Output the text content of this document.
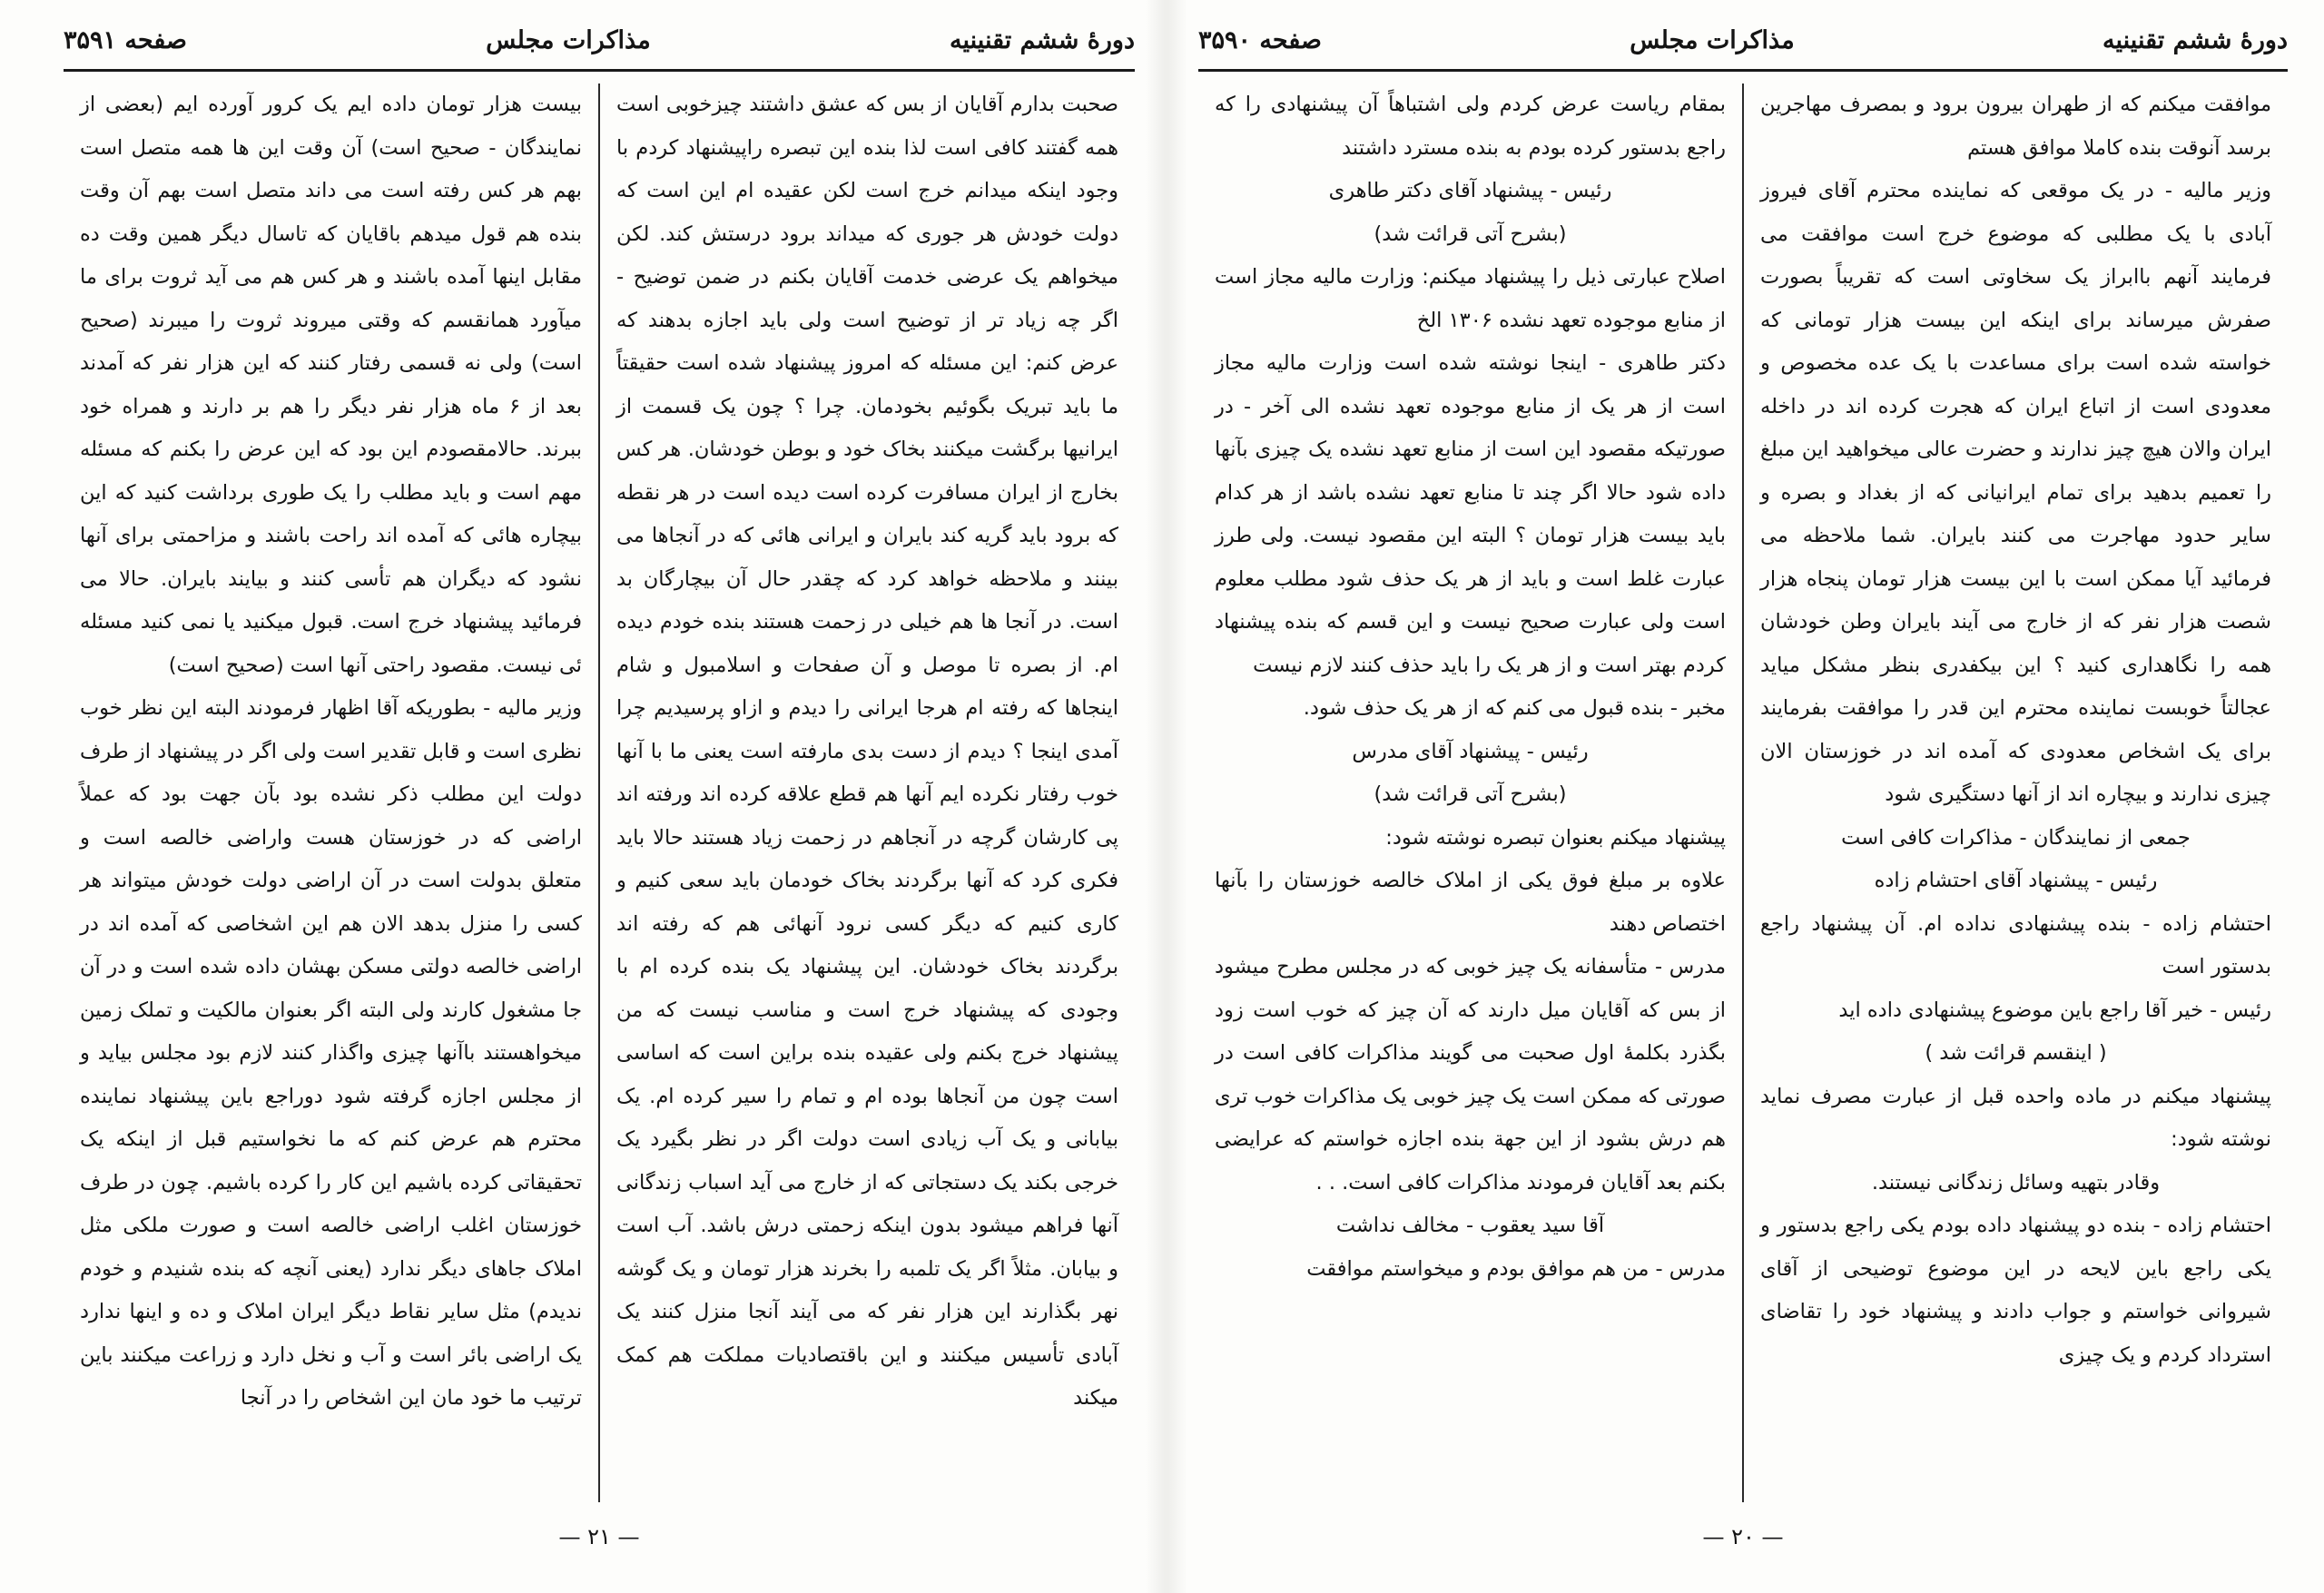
دورهٔ ششم تقنینیه
مذاکرات مجلس
صفحه ۳۵۹۱

صحبت بدارم آقایان از بس که عشق داشتند چیزخوبی است همه گفتند کافی است لذا بنده این تبصره راپیشنهاد کردم با وجود اینکه میدانم خرج است لکن عقیده ام این است که دولت خودش هر جوری که میداند برود درستش کند. لکن میخواهم یک عرضی خدمت آقایان بکنم در ضمن توضیح - اگر چه زیاد تر از توضیح است ولی باید اجازه بدهند که عرض کنم: این مسئله که امروز پیشنهاد شده است حقیقتاً ما باید تبریک بگوئیم بخودمان. چرا ؟ چون یک قسمت از ایرانیها برگشت میکنند بخاک خود و بوطن خودشان. هر کس بخارج از ایران مسافرت کرده است دیده است در هر نقطه که برود باید گریه کند بایران و ایرانی هائی که در آنجاها می بینند و ملاحظه خواهد کرد که چقدر حال آن بیچارگان بد است. در آنجا ها هم خیلی در زحمت هستند بنده خودم دیده ام. از بصره تا موصل و آن صفحات و اسلامبول و شام اینجاها که رفته ام هرجا ایرانی را دیدم و ازاو پرسیدیم چرا آمدی اینجا ؟ دیدم از دست بدی مارفته است یعنی ما با آنها خوب رفتار نکرده ایم آنها هم قطع علاقه کرده اند ورفته اند پی کارشان گرچه در آنجاهم در زحمت زیاد هستند حالا باید فکری کرد که آنها برگردند بخاک خودمان باید سعی کنیم و کاری کنیم که دیگر کسی نرود آنهائی هم که رفته اند برگردند بخاک خودشان. این پیشنهاد یک بنده کرده ام با وجودی که پیشنهاد خرج است و مناسب نیست که من پیشنهاد خرج بکنم ولی عقیده بنده براین است که اساسی است چون من آنجاها بوده ام و تمام را سیر کرده ام. یک بیابانی و یک آب زیادی است دولت اگر در نظر بگیرد یک خرجی بکند یک دستجاتی که از خارج می آید اسباب زندگانی آنها فراهم میشود بدون اینکه زحمتی درش باشد. آب است و بیابان. مثلاً اگر یک تلمبه را بخرند هزار تومان و یک گوشه نهر بگذارند این هزار نفر که می آیند آنجا منزل کنند یک آبادی تأسیس میکنند و این باقتصادیات مملکت هم کمک میکند

بیست هزار تومان داده ایم یک کرور آورده ایم (بعضی از نمایندگان - صحیح است) آن وقت این ها همه متصل است بهم هر کس رفته است می داند متصل است بهم آن وقت بنده هم قول میدهم باقایان که تاسال دیگر همین وقت ده مقابل اینها آمده باشند و هر کس هم می آید ثروت برای ما میآورد همانقسم که وقتی میروند ثروت را میبرند (صحیح است) ولی نه قسمی رفتار کنند که این هزار نفر که آمدند بعد از ۶ ماه هزار نفر دیگر را هم بر دارند و همراه خود ببرند. حالامقصودم این بود که این عرض را بکنم که مسئله مهم است و باید مطلب را یک طوری برداشت کنید که این بیچاره هائی که آمده اند راحت باشند و مزاحمتی برای آنها نشود که دیگران هم تأسی کنند و بیایند بایران. حالا می فرمائید پیشنهاد خرج است. قبول میکنید یا نمی کنید مسئله ئی نیست. مقصود راحتی آنها است (صحیح است)

وزیر مالیه - بطوریکه آقا اظهار فرمودند البته این نظر خوب نظری است و قابل تقدیر است ولی اگر در پیشنهاد از طرف دولت این مطلب ذکر نشده بود بآن جهت بود که عملاً اراضی که در خوزستان هست واراضی خالصه است و متعلق بدولت است در آن اراضی دولت خودش میتواند هر کسی را منزل بدهد الان هم این اشخاصی که آمده اند در اراضی خالصه دولتی مسکن بهشان داده شده است و در آن جا مشغول کارند ولی البته اگر بعنوان مالکیت و تملک زمین میخواهستند باآنها چیزی واگذار کنند لازم بود مجلس بیاید و از مجلس اجازه گرفته شود دوراجع باین پیشنهاد نماینده محترم هم عرض کنم که ما نخواستیم قبل از اینکه یک تحقیقاتی کرده باشیم این کار را کرده باشیم. چون در طرف خوزستان اغلب اراضی خالصه است و صورت ملکی مثل املاک جاهای دیگر ندارد (یعنی آنچه که بنده شنیدم و خودم ندیدم) مثل سایر نقاط دیگر ایران املاک و ده و اینها ندارد یک اراضی بائر است و آب و نخل دارد و زراعت میکنند باین ترتیب ما خود مان این اشخاص را در آنجا

— ۲۱ —
دورهٔ ششم تقنینیه
مذاکرات مجلس
صفحه ۳۵۹۰

موافقت میکنم که از طهران بیرون برود و بمصرف مهاجرین برسد آنوقت بنده کاملا موافق هستم

وزیر مالیه - در یک موقعی که نماینده محترم آقای فیروز آبادی با یک مطلبی که موضوع خرج است موافقت می فرمایند آنهم باابراز یک سخاوتی است که تقریباً بصورت صفرش میرساند برای اینکه این بیست هزار تومانی که خواسته شده است برای مساعدت با یک عده مخصوص و معدودی است از اتباع ایران که هجرت کرده اند در داخله ایران والان هیچ چیز ندارند و حضرت عالی میخواهید این مبلغ را تعمیم بدهید برای تمام ایرانیانی که از بغداد و بصره و سایر حدود مهاجرت می کنند بایران. شما ملاحظه می فرمائید آیا ممکن است با این بیست هزار تومان پنجاه هزار شصت هزار نفر که از خارج می آیند بایران وطن خودشان همه را نگاهداری کنید ؟ این بیکفدری بنظر مشکل میاید عجالتاً خوبست نماینده محترم این قدر را موافقت بفرمایند برای یک اشخاص معدودی که آمده اند در خوزستان الان چیزی ندارند و بیچاره اند از آنها دستگیری شود

جمعی از نمایندگان - مذاکرات کافی است

رئیس - پیشنهاد آقای احتشام زاده

احتشام زاده - بنده پیشنهادی نداده ام. آن پیشنهاد راجع بدستور است

رئیس - خیر آقا راجع باین موضوع پیشنهادی داده اید

( اینقسم قرائت شد )

پیشنهاد میکنم در ماده واحده قبل از عبارت مصرف نماید نوشته شود:

وقادر بتهیه وسائل زندگانی نیستند.

احتشام زاده - بنده دو پیشنهاد داده بودم یکی راجع بدستور و یکی راجع باین لایحه در این موضوع توضیحی از آقای شیروانی خواستم و جواب دادند و پیشنهاد خود را تقاضای استرداد کردم و یک چیزی

بمقام ریاست عرض کردم ولی اشتباهاً آن پیشنهادی را که راجع بدستور کرده بودم به بنده مسترد داشتند

رئیس - پیشنهاد آقای دکتر طاهری

(بشرح آتی قرائت شد)

اصلاح عبارتی ذیل را پیشنهاد میکنم: وزارت مالیه مجاز است از منابع موجوده تعهد نشده ۱۳۰۶ الخ

دکتر طاهری - اینجا نوشته شده است وزارت مالیه مجاز است از هر یک از منابع موجوده تعهد نشده الی آخر - در صورتیکه مقصود این است از منابع تعهد نشده یک چیزی بآنها داده شود حالا اگر چند تا منابع تعهد نشده باشد از هر کدام باید بیست هزار تومان ؟ البته این مقصود نیست. ولی طرز عبارت غلط است و باید از هر یک حذف شود مطلب معلوم است ولی عبارت صحیح نیست و این قسم که بنده پیشنهاد کردم بهتر است و از هر یک را باید حذف کنند لازم نیست

مخبر - بنده قبول می کنم که از هر یک حذف شود.

رئیس - پیشنهاد آقای مدرس

(بشرح آتی قرائت شد)

پیشنهاد میکنم بعنوان تبصره نوشته شود:

علاوه بر مبلغ فوق یکی از املاک خالصه خوزستان را بآنها اختصاص دهند

مدرس - متأسفانه یک چیز خوبی که در مجلس مطرح میشود از بس که آقایان میل دارند که آن چیز که خوب است زود بگذرد بکلمهٔ اول صحبت می گویند مذاکرات کافی است در صورتی که ممکن است یک چیز خوبی یک مذاکرات خوب تری هم درش بشود از این جهة بنده اجازه خواستم که عرایضی بکنم بعد آقایان فرمودند مذاکرات کافی است. . .

آقا سید یعقوب - مخالف نداشت

مدرس - من هم موافق بودم و میخواستم موافقت

— ۲۰ —
